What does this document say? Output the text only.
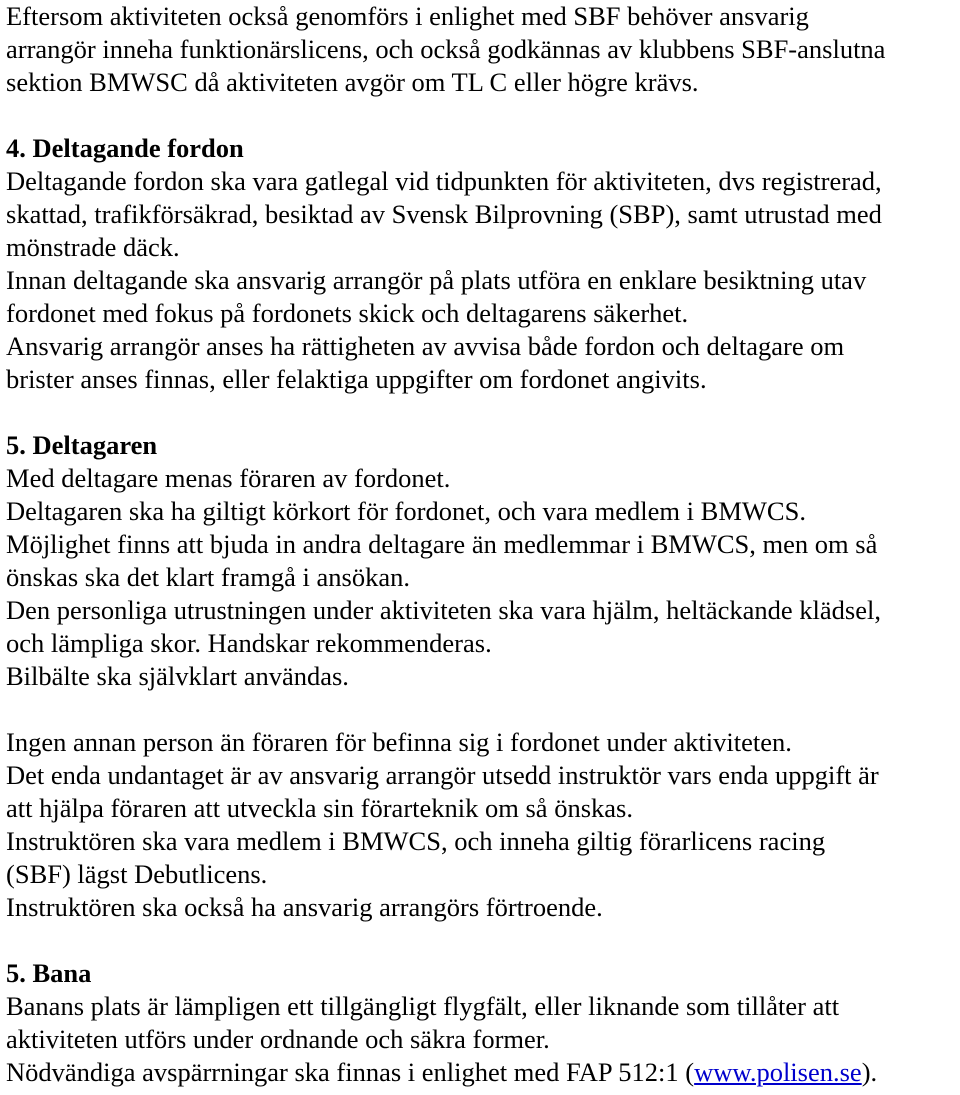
Eftersom aktiviteten också genomförs i enlighet med SBF behöver ansvarig

arrangör inneha funktionärslicens, och också godkännas av klubbens SBF-anslutna

sektion BMWSC då aktiviteten avgör om TL C eller högre krävs.

4. Deltagande fordon

Deltagande fordon ska vara gatlegal vid tidpunkten för aktiviteten, dvs registrerad,

skattad, trafikförsäkrad, besiktad av Svensk Bilprovning (SBP), samt utrustad med

mönstrade däck.

Innan deltagande ska ansvarig arrangör på plats utföra en enklare besiktning utav

fordonet med fokus på fordonets skick och deltagarens säkerhet.

Ansvarig arrangör anses ha rättigheten av avvisa både fordon och deltagare om

brister anses finnas, eller felaktiga uppgifter om fordonet angivits.

5. Deltagaren

Med deltagare menas föraren av fordonet.

Deltagaren ska ha giltigt körkort för fordonet, och vara medlem i BMWCS.

Möjlighet finns att bjuda in andra deltagare än medlemmar i BMWCS, men om så

önskas ska det klart framgå i ansökan.

Den personliga utrustningen under aktiviteten ska vara hjälm, heltäckande klädsel,

och lämpliga skor. Handskar rekommenderas.

Bilbälte ska självklart användas.

Ingen annan person än föraren för befinna sig i fordonet under aktiviteten.

Det enda undantaget är av ansvarig arrangör utsedd instruktör vars enda uppgift är

att hjälpa föraren att utveckla sin förarteknik om så önskas.

Instruktören ska vara medlem i BMWCS, och inneha giltig förarlicens racing

(SBF) lägst Debutlicens.

Instruktören ska också ha ansvarig arrangörs förtroende.

5. Bana

Banans plats är lämpligen ett tillgängligt flygfält, eller liknande som tillåter att

aktiviteten utförs under ordnande och säkra former.

Nödvändiga avspärrningar ska finnas i enlighet med FAP 512:1 (www.polisen.se).
